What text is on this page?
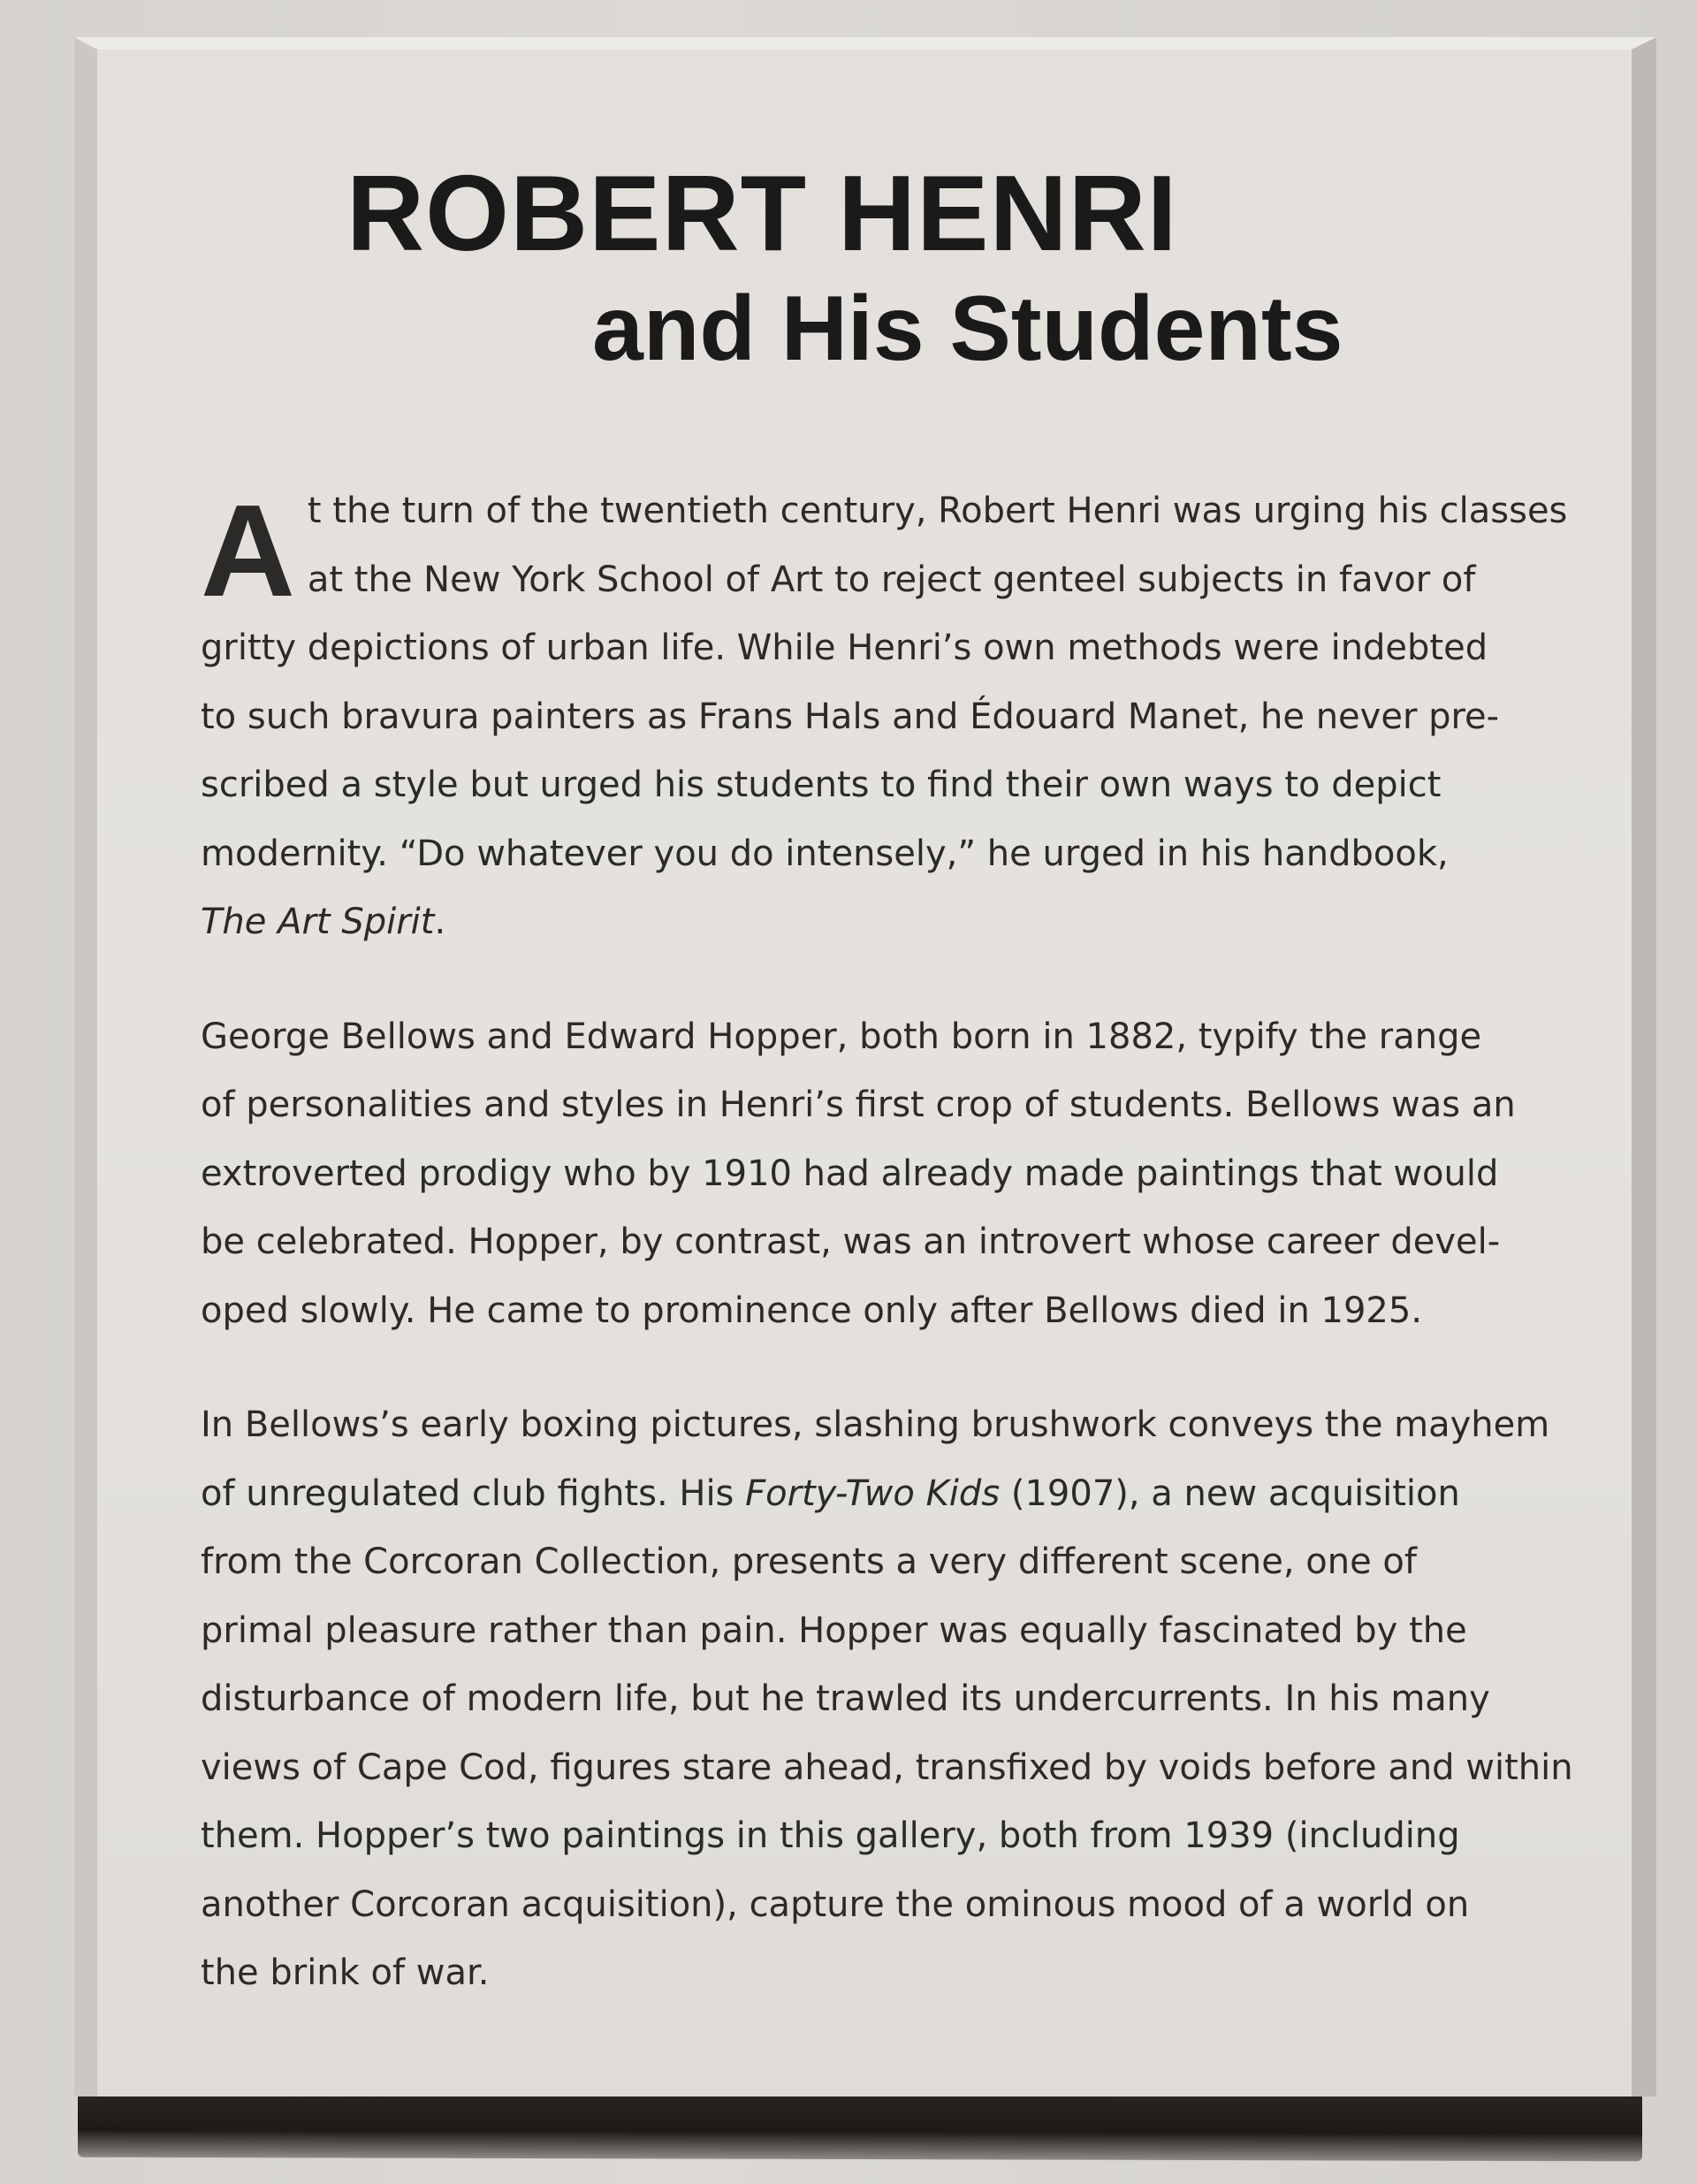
ROBERT HENRI
and His Students

A t the turn of the twentieth century, Robert Henri was urging his classes
at the New York School of Art to reject genteel subjects in favor of
gritty depictions of urban life. While Henri’s own methods were indebted
to such bravura painters as Frans Hals and Édouard Manet, he never pre-
scribed a style but urged his students to find their own ways to depict
modernity. “Do whatever you do intensely,” he urged in his handbook,
The Art Spirit.

George Bellows and Edward Hopper, both born in 1882, typify the range
of personalities and styles in Henri’s first crop of students. Bellows was an
extroverted prodigy who by 1910 had already made paintings that would
be celebrated. Hopper, by contrast, was an introvert whose career devel-
oped slowly. He came to prominence only after Bellows died in 1925.

In Bellows’s early boxing pictures, slashing brushwork conveys the mayhem
of unregulated club fights. His Forty-Two Kids (1907), a new acquisition
from the Corcoran Collection, presents a very different scene, one of
primal pleasure rather than pain. Hopper was equally fascinated by the
disturbance of modern life, but he trawled its undercurrents. In his many
views of Cape Cod, figures stare ahead, transfixed by voids before and within
them. Hopper’s two paintings in this gallery, both from 1939 (including
another Corcoran acquisition), capture the ominous mood of a world on
the brink of war.
